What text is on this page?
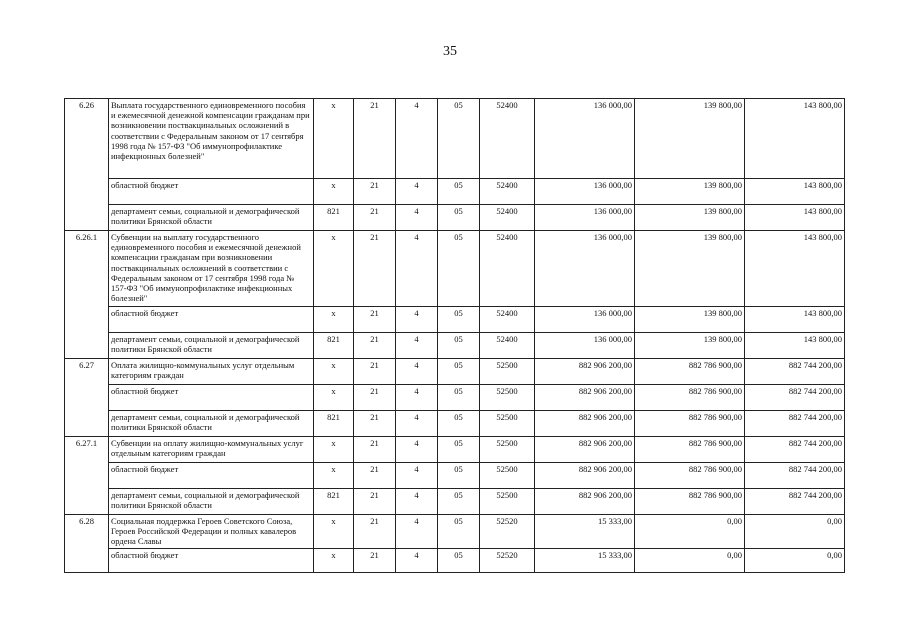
35
6.26	Выплата государственного единовременного пособия и ежемесячной денежной компенсации гражданам при возникновении поствакцинальных осложнений в соответствии с Федеральным законом от 17 сентября 1998 года № 157-ФЗ "Об иммунопрофилактике инфекционных болезней"	x	21	4	05	52400	136 000,00	139 800,00	143 800,00
	областной бюджет	x	21	4	05	52400	136 000,00	139 800,00	143 800,00
	департамент семьи, социальной и демографической политики Брянской области	821	21	4	05	52400	136 000,00	139 800,00	143 800,00
6.26.1	Субвенции на выплату государственного единовременного пособия и ежемесячной денежной компенсации гражданам при возникновении поствакцинальных осложнений в соответствии с Федеральным законом от 17 сентября 1998 года № 157-ФЗ "Об иммунопрофилактике инфекционных болезней"	x	21	4	05	52400	136 000,00	139 800,00	143 800,00
	областной бюджет	x	21	4	05	52400	136 000,00	139 800,00	143 800,00
	департамент семьи, социальной и демографической политики Брянской области	821	21	4	05	52400	136 000,00	139 800,00	143 800,00
6.27	Оплата жилищно-коммунальных услуг отдельным категориям граждан	x	21	4	05	52500	882 906 200,00	882 786 900,00	882 744 200,00
	областной бюджет	x	21	4	05	52500	882 906 200,00	882 786 900,00	882 744 200,00
	департамент семьи, социальной и демографической политики Брянской области	821	21	4	05	52500	882 906 200,00	882 786 900,00	882 744 200,00
6.27.1	Субвенции на оплату жилищно-коммунальных услуг отдельным категориям граждан	x	21	4	05	52500	882 906 200,00	882 786 900,00	882 744 200,00
	областной бюджет	x	21	4	05	52500	882 906 200,00	882 786 900,00	882 744 200,00
	департамент семьи, социальной и демографической политики Брянской области	821	21	4	05	52500	882 906 200,00	882 786 900,00	882 744 200,00
6.28	Социальная поддержка Героев Советского Союза, Героев Российской Федерации и полных кавалеров ордена Славы	x	21	4	05	52520	15 333,00	0,00	0,00
	областной бюджет	x	21	4	05	52520	15 333,00	0,00	0,00
